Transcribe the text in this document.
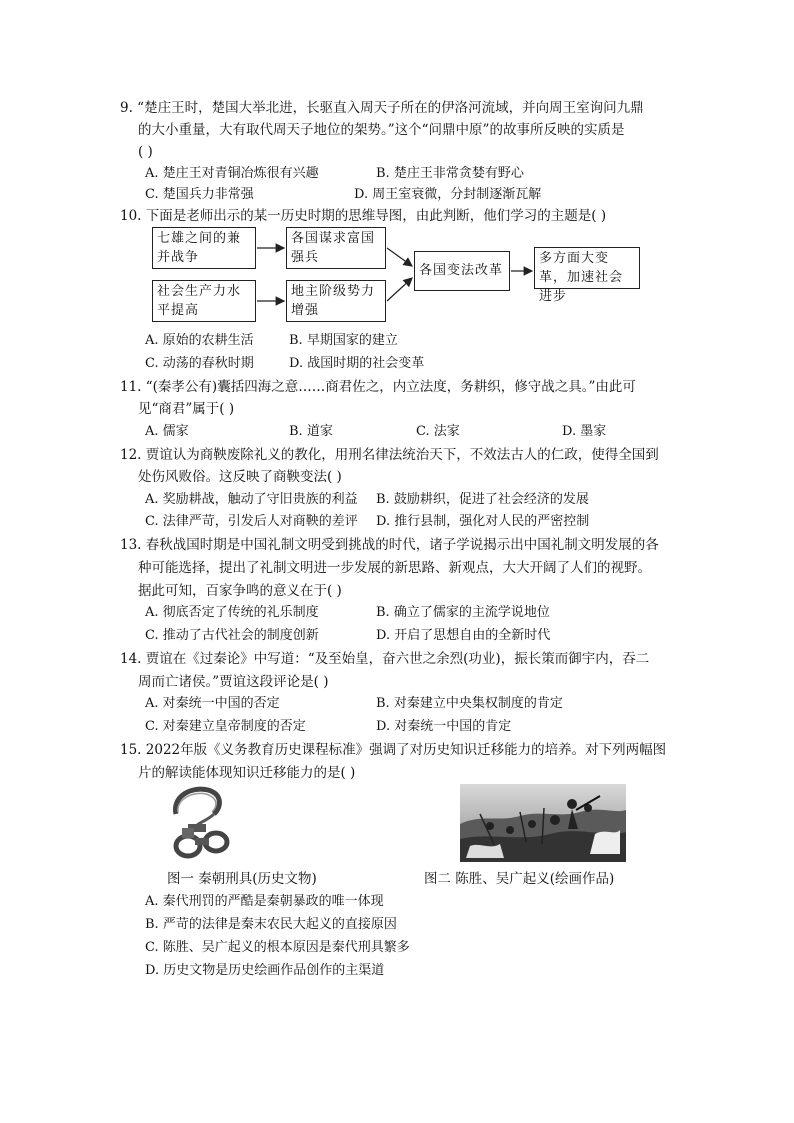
9. “楚庄王时，楚国大举北进，长驱直入周天子所在的伊洛河流域，并向周王室询问九鼎
的大小重量，大有取代周天子地位的架势。”这个“问鼎中原”的故事所反映的实质是
( )
A. 楚庄王对青铜冶炼很有兴趣	B. 楚庄王非常贪婪有野心
C. 楚国兵力非常强	D. 周王室衰微，分封制逐渐瓦解
10. 下面是老师出示的某一历史时期的思维导图，由此判断，他们学习的主题是( )
七雄之间的兼并战争
各国谋求富国强兵
社会生产力水平提高
地主阶级势力增强
各国变法改革
多方面大变革，加速社会进步
A. 原始的农耕生活	B. 早期国家的建立
C. 动荡的春秋时期	D. 战国时期的社会变革
11. “(秦孝公有)囊括四海之意……商君佐之，内立法度，务耕织，修守战之具。”由此可
见“商君”属于( )
A. 儒家	B. 道家	C. 法家	D. 墨家
12. 贾谊认为商鞅废除礼义的教化，用刑名律法统治天下，不效法古人的仁政，使得全国到
处伤风败俗。这反映了商鞅变法( )
A. 奖励耕战，触动了守旧贵族的利益 B. 鼓励耕织，促进了社会经济的发展
C. 法律严苛，引发后人对商鞅的差评 D. 推行县制，强化对人民的严密控制
13. 春秋战国时期是中国礼制文明受到挑战的时代，诸子学说揭示出中国礼制文明发展的各
种可能选择，提出了礼制文明进一步发展的新思路、新观点，大大开阔了人们的视野。
据此可知，百家争鸣的意义在于( )
A. 彻底否定了传统的礼乐制度	B. 确立了儒家的主流学说地位
C. 推动了古代社会的制度创新	D. 开启了思想自由的全新时代
14. 贾谊在《过秦论》中写道：“及至始皇，奋六世之余烈(功业)，振长策而御宇内，吞二
周而亡诸侯。”贾谊这段评论是( )
A. 对秦统一中国的否定	B. 对秦建立中央集权制度的肯定
C. 对秦建立皇帝制度的否定	D. 对秦统一中国的肯定
15. 2022年版《义务教育历史课程标准》强调了对历史知识迁移能力的培养。对下列两幅图
片的解读能体现知识迁移能力的是( )
图一 秦朝刑具(历史文物)	图二 陈胜、吴广起义(绘画作品)
A. 秦代刑罚的严酷是秦朝暴政的唯一体现
B. 严苛的法律是秦末农民大起义的直接原因
C. 陈胜、吴广起义的根本原因是秦代刑具繁多
D. 历史文物是历史绘画作品创作的主渠道
